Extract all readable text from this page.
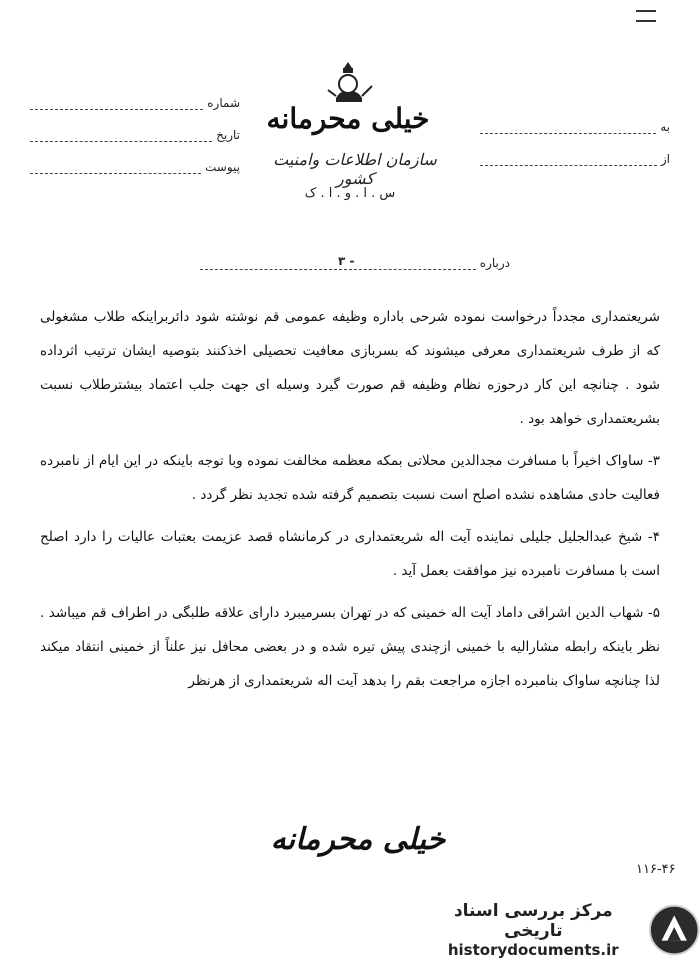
خیلی محرمانه
سازمان اطلاعات وامنیت کشور
س . ا . و . ا . ک
شماره
تاریخ
پیوست
به
از
درباره
۳ -

شریعتمداری مجدداً درخواست نموده شرحی باداره وظیفه عمومی قم نوشته شود دائربراینکه طلاب مشغولی که از طرف شریعتمداری معرفی میشوند که بسربازی معافیت تحصیلی اخذکنند بتوصیه ایشان ترتیب اثرداده شود . چنانچه این کار درحوزه نظام وظیفه قم صورت گیرد وسیله ای جهت جلب اعتماد بیشترطلاب نسبت بشریعتمداری خواهد بود .

۳- ساواک اخیراً با مسافرت مجدالدین محلاتی بمکه معظمه مخالفت نموده وبا توجه باینکه در این ایام از نامبرده فعالیت حادی مشاهده نشده اصلح است نسبت بتصمیم گرفته شده تجدید نظر گردد .

۴- شیخ عبدالجلیل جلیلی نماینده آیت اله شریعتمداری در کرمانشاه قصد عزیمت بعتبات عالیات را دارد اصلح است با مسافرت نامبرده نیز موافقت بعمل آید .

۵- شهاب الدین اشراقی داماد آیت اله خمینی که در تهران بسرمیبرد دارای علاقه طلبگی در اطراف قم میباشد . نظر باینکه رابطه مشارالیه با خمینی ازچندی پیش تیره شده و در بعضی محافل نیز علناً از خمینی انتقاد میکند لذا چنانچه ساواک بنامبرده اجازه مراجعت بقم را بدهد آیت اله شریعتمداری از هرنظر

خیلی محرمانه
۱۱۶-۴۶
مرکز بررسی اسناد تاریخی
historydocuments.ir
